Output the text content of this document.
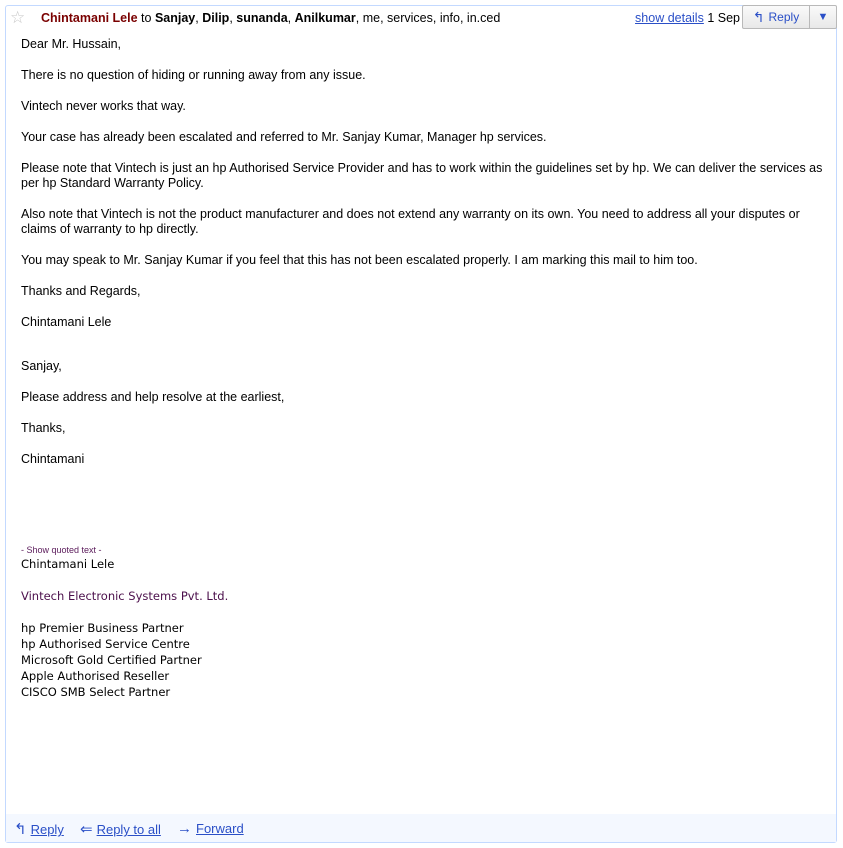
☆ Chintamani Lele to Sanjay, Dilip, sunanda, Anilkumar, me, services, info, in.ced	show details 1 Sep ↰ Reply ▼

Dear Mr. Hussain,

There is no question of hiding or running away from any issue.

Vintech never works that way.

Your case has already been escalated and referred to Mr. Sanjay Kumar, Manager hp services.

Please note that Vintech is just an hp Authorised Service Provider and has to work within the guidelines set by hp. We can deliver the services as per hp Standard Warranty Policy.

Also note that Vintech is not the product manufacturer and does not extend any warranty on its own. You need to address all your disputes or claims of warranty to hp directly.

You may speak to Mr. Sanjay Kumar if you feel that this has not been escalated properly. I am marking this mail to him too.

Thanks and Regards,

Chintamani Lele

Sanjay,

Please address and help resolve at the earliest,

Thanks,

Chintamani

- Show quoted text -
Chintamani Lele
Vintech Electronic Systems Pvt. Ltd.
hp Premier Business Partner
hp Authorised Service Centre
Microsoft Gold Certified Partner
Apple Authorised Reseller
CISCO SMB Select Partner
↰ Reply ⇐ Reply to all → Forward
